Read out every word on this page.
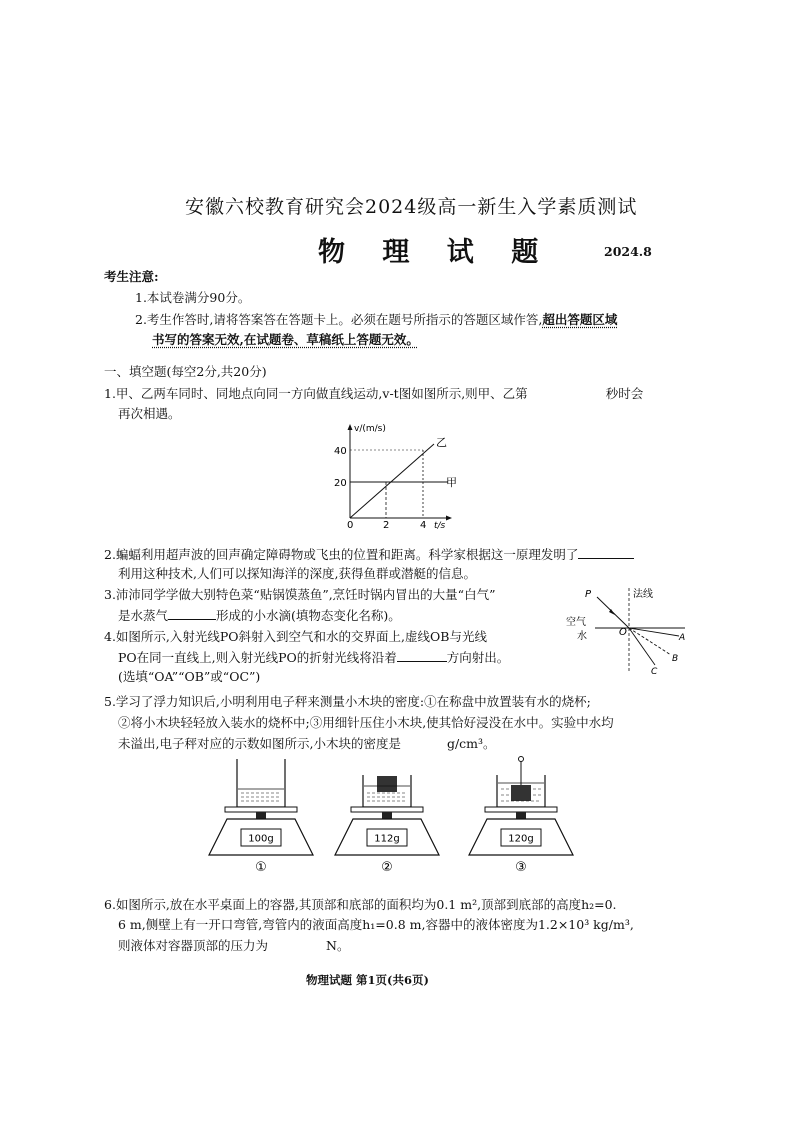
安徽六校教育研究会2024级高一新生入学素质测试
物 理 试 题	2024.8
考生注意:
1.本试卷满分90分。
2.考生作答时,请将答案答在答题卡上。必须在题号所指示的答题区域作答,超出答题区域
书写的答案无效,在试题卷、草稿纸上答题无效。
一、填空题(每空2分,共20分)
1.甲、乙两车同时、同地点向同一方向做直线运动,v-t图如图所示,则甲、乙第	秒时会
再次相遇。
v/(m/s)
40
20
0	2	4 t/s
乙
甲
2.蝙蝠利用超声波的回声确定障碍物或飞虫的位置和距离。科学家根据这一原理发明了
利用这种技术,人们可以探知海洋的深度,获得鱼群或潜艇的信息。
3.沛沛同学学做大别特色菜“贴锅馍蒸鱼”,烹饪时锅内冒出的大量“白气”
是水蒸气	形成的小水滴(填物态变化名称)。
4.如图所示,入射光线PO斜射入到空气和水的交界面上,虚线OB与光线
PO在同一直线上,则入射光线PO的折射光线将沿着	方向射出。
(选填“OA”“OB”或“OC”)
P
O	A
B
C
法线
空气
水
5.学习了浮力知识后,小明利用电子秤来测量小木块的密度:①在称盘中放置装有水的烧杯;
②将小木块轻轻放入装水的烧杯中;③用细针压住小木块,使其恰好浸没在水中。实验中水均
未溢出,电子秤对应的示数如图所示,小木块的密度是	g/cm³。
100g
①
112g
②
120g
③
6.如图所示,放在水平桌面上的容器,其顶部和底部的面积均为0.1 m²,顶部到底部的高度h₂=0.
6 m,侧壁上有一开口弯管,弯管内的液面高度h₁=0.8 m,容器中的液体密度为1.2×10³ kg/m³,
则液体对容器顶部的压力为	N。
物理试题 第1页(共6页)
